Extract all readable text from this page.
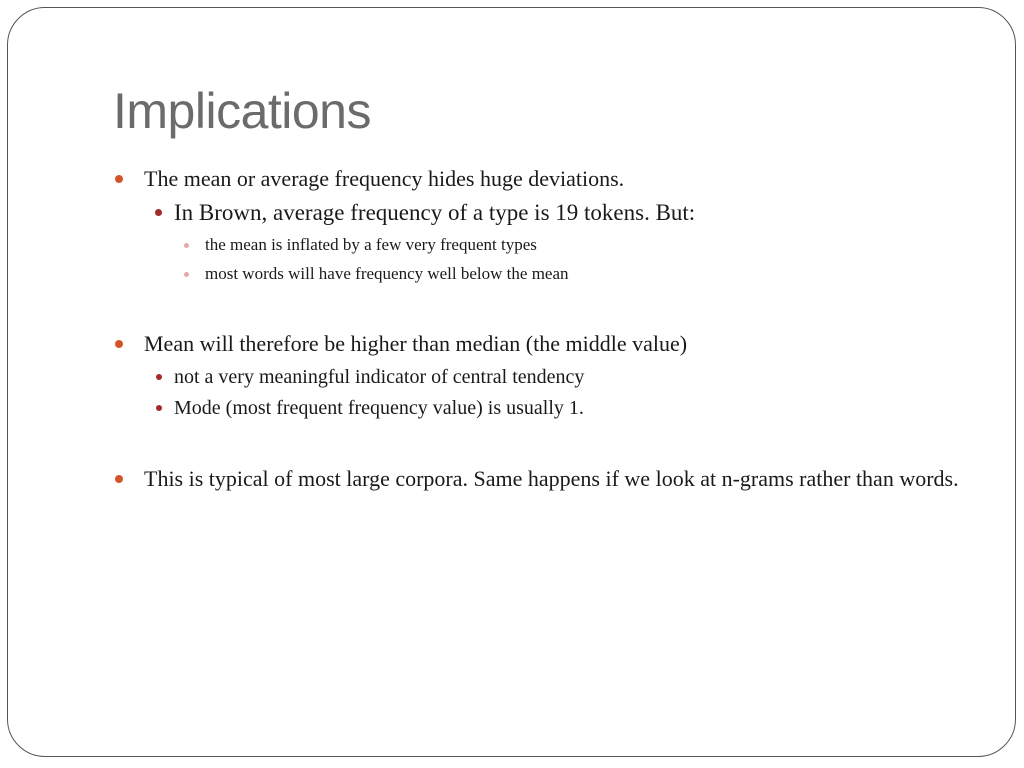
Implications
The mean or average frequency hides huge deviations.
In Brown, average frequency of a type is 19 tokens. But:
the mean is inflated by a few very frequent types
most words will have frequency well below the mean
Mean will therefore be higher than median (the middle value)
not a very meaningful indicator of central tendency
Mode (most frequent frequency value) is usually 1.
This is typical of most large corpora. Same happens if we look at n-grams rather than words.
